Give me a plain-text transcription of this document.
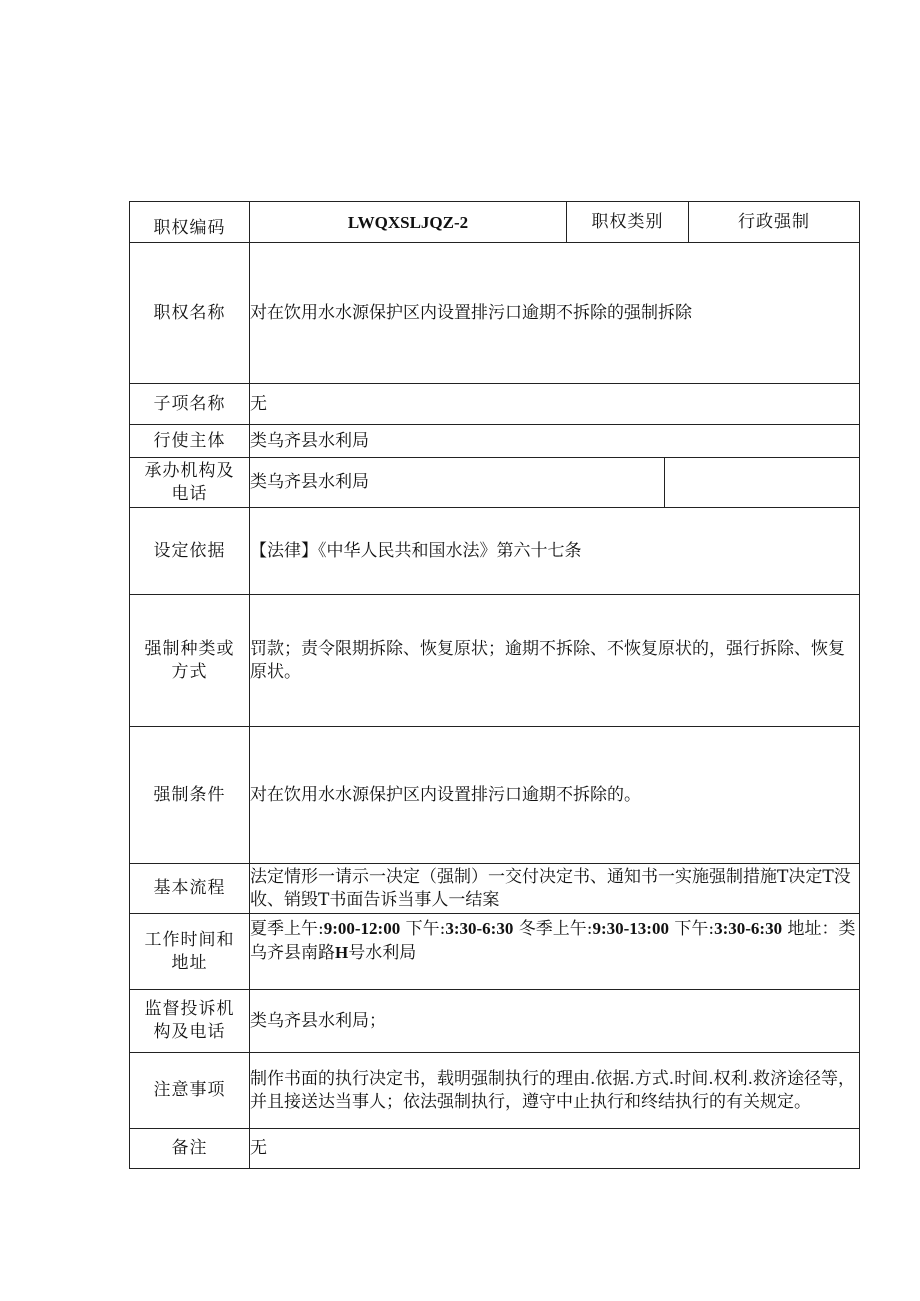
职权编码	LWQXSLJQZ-2	职权类别		行政强制
职权名称	对在饮用水水源保护区内设置排污口逾期不拆除的强制拆除			
子项名称	无			
行使主体	类乌齐县水利局			
承办机构及
电话	类乌齐县水利局			
设定依据	【法律】《中华人民共和国水法》第六十七条			
强制种类或
方式	罚款；责令限期拆除、恢复原状；逾期不拆除、不恢复原状的，强行拆除、恢复原状。			
强制条件	对在饮用水水源保护区内设置排污口逾期不拆除的。			
基本流程	法定情形一请示一决定（强制）一交付决定书、通知书一实施强制措施T决定T没收、销毁T书面告诉当事人一结案			
工作时间和
地址	夏季上午:9:00-12:00 下午:3:30-6:30 冬季上午:9:30-13:00 下午:3:30-6:30 地址：类乌齐县南路H号水利局			
监督投诉机
构及电话	类乌齐县水利局；			
注意事项	制作书面的执行决定书，载明强制执行的理由.依据.方式.时间.权利.救济途径等，并且接送达当事人；依法强制执行，遵守中止执行和终结执行的有关规定。			
备注	无			
